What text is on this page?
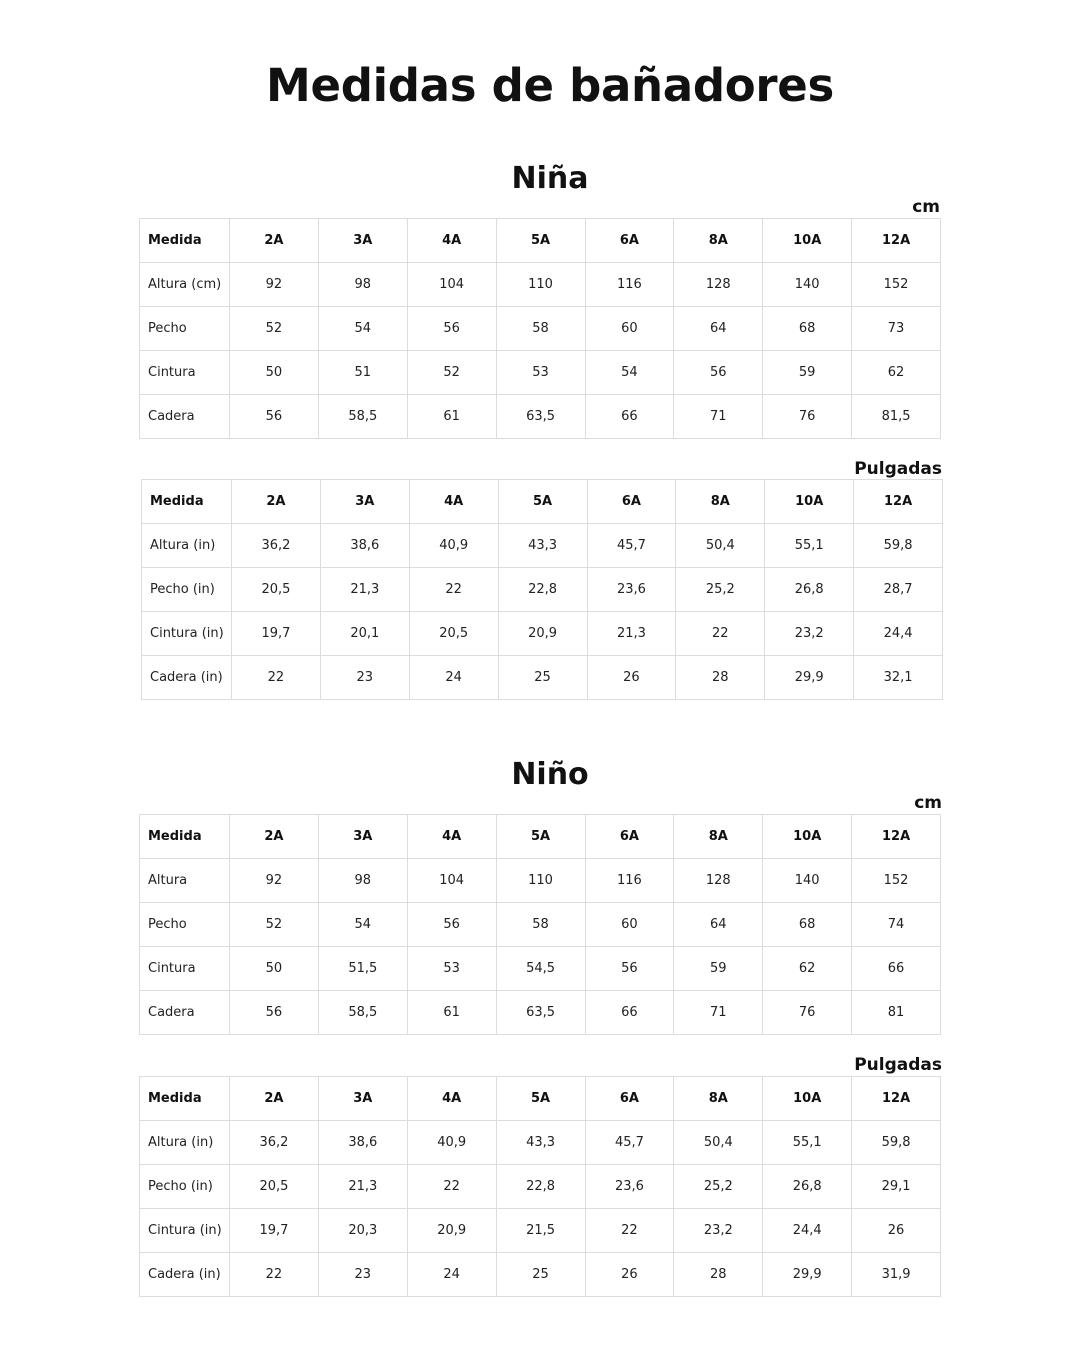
Medidas de bañadores
Niña
cm
Medida	2A	3A	4A	5A	6A	8A	10A	12A
Altura (cm)	92	98	104	110	116	128	140	152
Pecho	52	54	56	58	60	64	68	73
Cintura	50	51	52	53	54	56	59	62
Cadera	56	58,5	61	63,5	66	71	76	81,5
Pulgadas
Medida	2A	3A	4A	5A	6A	8A	10A	12A
Altura (in)	36,2	38,6	40,9	43,3	45,7	50,4	55,1	59,8
Pecho (in)	20,5	21,3	22	22,8	23,6	25,2	26,8	28,7
Cintura (in)	19,7	20,1	20,5	20,9	21,3	22	23,2	24,4
Cadera (in)	22	23	24	25	26	28	29,9	32,1
Niño
cm
Medida	2A	3A	4A	5A	6A	8A	10A	12A
Altura	92	98	104	110	116	128	140	152
Pecho	52	54	56	58	60	64	68	74
Cintura	50	51,5	53	54,5	56	59	62	66
Cadera	56	58,5	61	63,5	66	71	76	81
Pulgadas
Medida	2A	3A	4A	5A	6A	8A	10A	12A
Altura (in)	36,2	38,6	40,9	43,3	45,7	50,4	55,1	59,8
Pecho (in)	20,5	21,3	22	22,8	23,6	25,2	26,8	29,1
Cintura (in)	19,7	20,3	20,9	21,5	22	23,2	24,4	26
Cadera (in)	22	23	24	25	26	28	29,9	31,9
